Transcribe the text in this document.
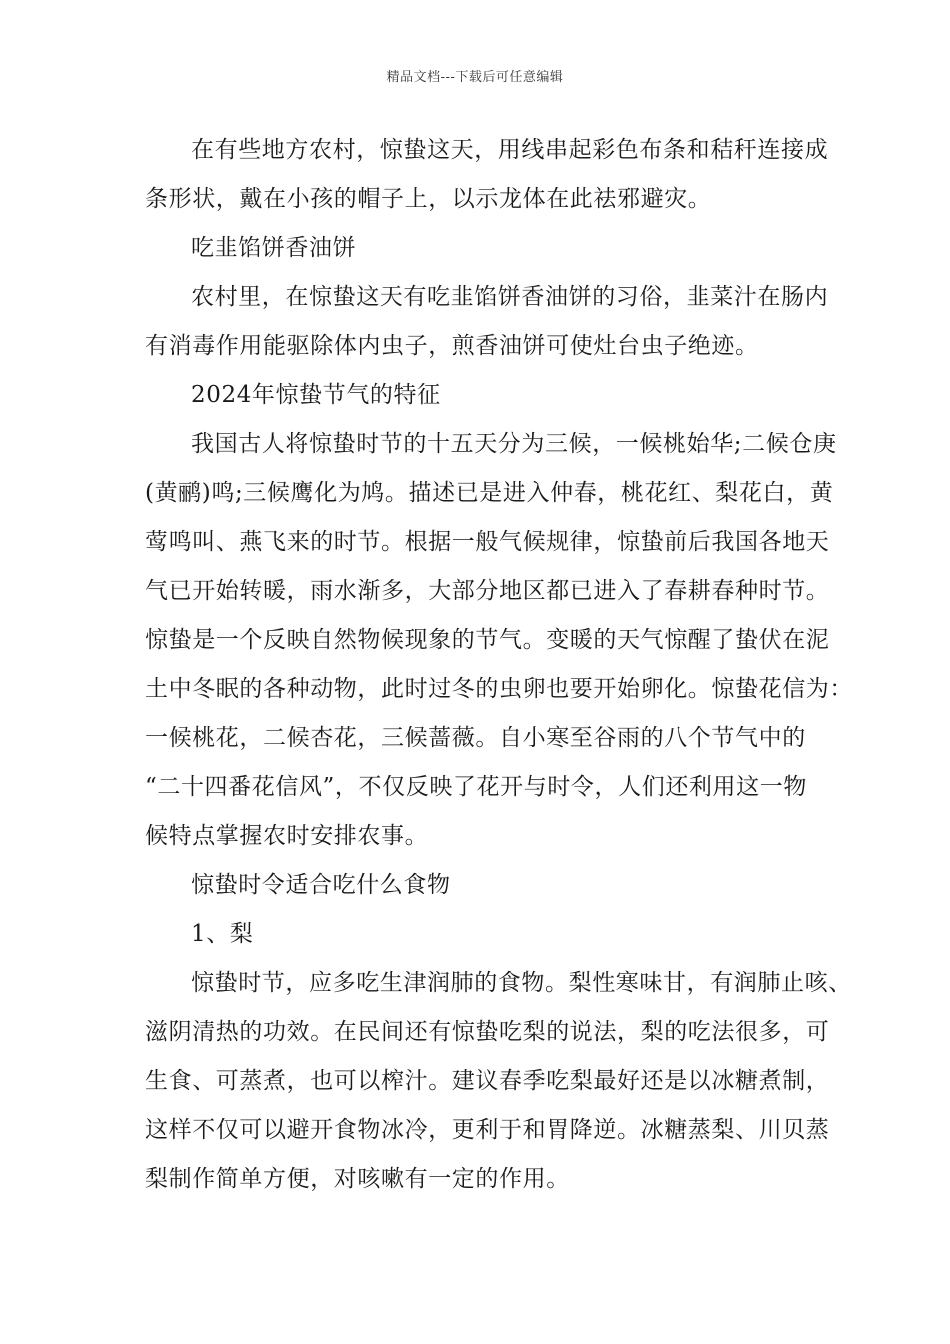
精品文档---下载后可任意编辑
在有些地方农村，惊蛰这天，用线串起彩色布条和秸秆连接成
条形状，戴在小孩的帽子上，以示龙体在此祛邪避灾。
吃韭馅饼香油饼
农村里，在惊蛰这天有吃韭馅饼香油饼的习俗，韭菜汁在肠内
有消毒作用能驱除体内虫子，煎香油饼可使灶台虫子绝迹。
2024年惊蛰节气的特征
我国古人将惊蛰时节的十五天分为三候，一候桃始华;二候仓庚
(黄鹂)鸣;三候鹰化为鸠。描述已是进入仲春，桃花红、梨花白，黄
莺鸣叫、燕飞来的时节。根据一般气候规律，惊蛰前后我国各地天
气已开始转暖，雨水渐多，大部分地区都已进入了春耕春种时节。
惊蛰是一个反映自然物候现象的节气。变暖的天气惊醒了蛰伏在泥
土中冬眠的各种动物，此时过冬的虫卵也要开始卵化。惊蛰花信为：
一候桃花，二候杏花，三候蔷薇。自小寒至谷雨的八个节气中的
“二十四番花信风”，不仅反映了花开与时令，人们还利用这一物
候特点掌握农时安排农事。
惊蛰时令适合吃什么食物
1、梨
惊蛰时节，应多吃生津润肺的食物。梨性寒味甘，有润肺止咳、
滋阴清热的功效。在民间还有惊蛰吃梨的说法，梨的吃法很多，可
生食、可蒸煮，也可以榨汁。建议春季吃梨最好还是以冰糖煮制，
这样不仅可以避开食物冰冷，更利于和胃降逆。冰糖蒸梨、川贝蒸
梨制作简单方便，对咳嗽有一定的作用。
